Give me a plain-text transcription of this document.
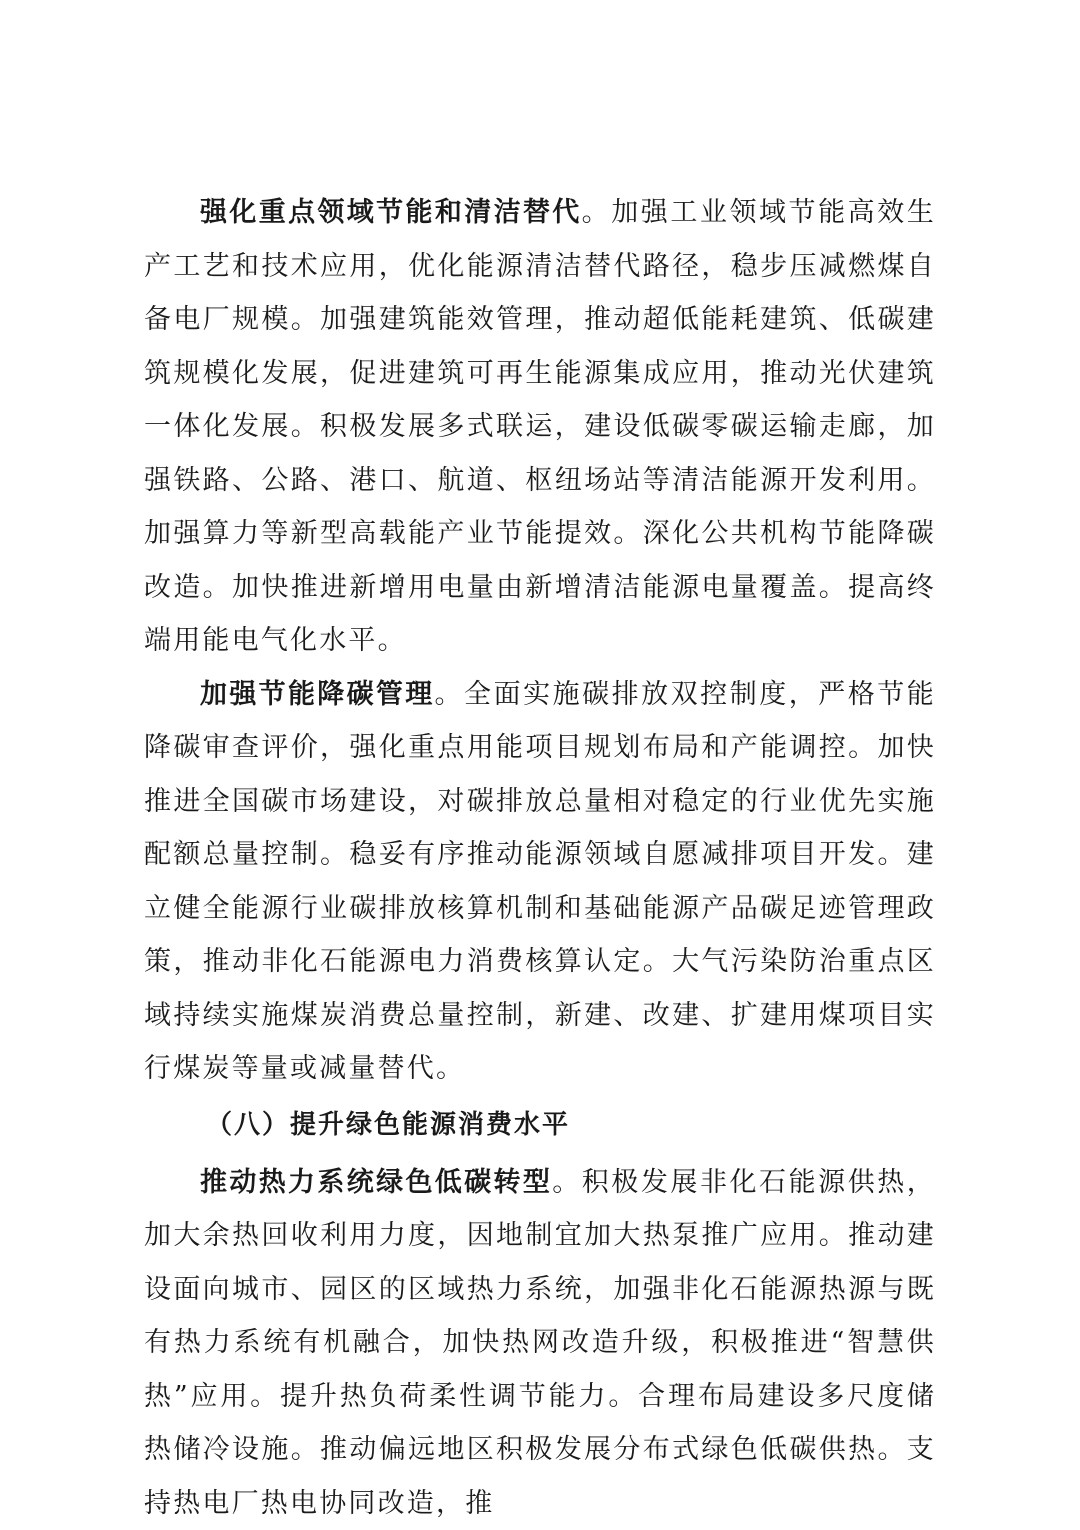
强化重点领域节能和清洁替代。加强工业领域节能高效生产工艺和技术应用，优化能源清洁替代路径，稳步压减燃煤自备电厂规模。加强建筑能效管理，推动超低能耗建筑、低碳建筑规模化发展，促进建筑可再生能源集成应用，推动光伏建筑一体化发展。积极发展多式联运，建设低碳零碳运输走廊，加强铁路、公路、港口、航道、枢纽场站等清洁能源开发利用。加强算力等新型高载能产业节能提效。深化公共机构节能降碳改造。加快推进新增用电量由新增清洁能源电量覆盖。提高终端用能电气化水平。

加强节能降碳管理。全面实施碳排放双控制度，严格节能降碳审查评价，强化重点用能项目规划布局和产能调控。加快推进全国碳市场建设，对碳排放总量相对稳定的行业优先实施配额总量控制。稳妥有序推动能源领域自愿减排项目开发。建立健全能源行业碳排放核算机制和基础能源产品碳足迹管理政策，推动非化石能源电力消费核算认定。大气污染防治重点区域持续实施煤炭消费总量控制，新建、改建、扩建用煤项目实行煤炭等量或减量替代。

（八）提升绿色能源消费水平

推动热力系统绿色低碳转型。积极发展非化石能源供热，加大余热回收利用力度，因地制宜加大热泵推广应用。推动建设面向城市、园区的区域热力系统，加强非化石能源热源与既有热力系统有机融合，加快热网改造升级，积极推进“智慧供热”应用。提升热负荷柔性调节能力。合理布局建设多尺度储热储冷设施。推动偏远地区积极发展分布式绿色低碳供热。支持热电厂热电协同改造，推
